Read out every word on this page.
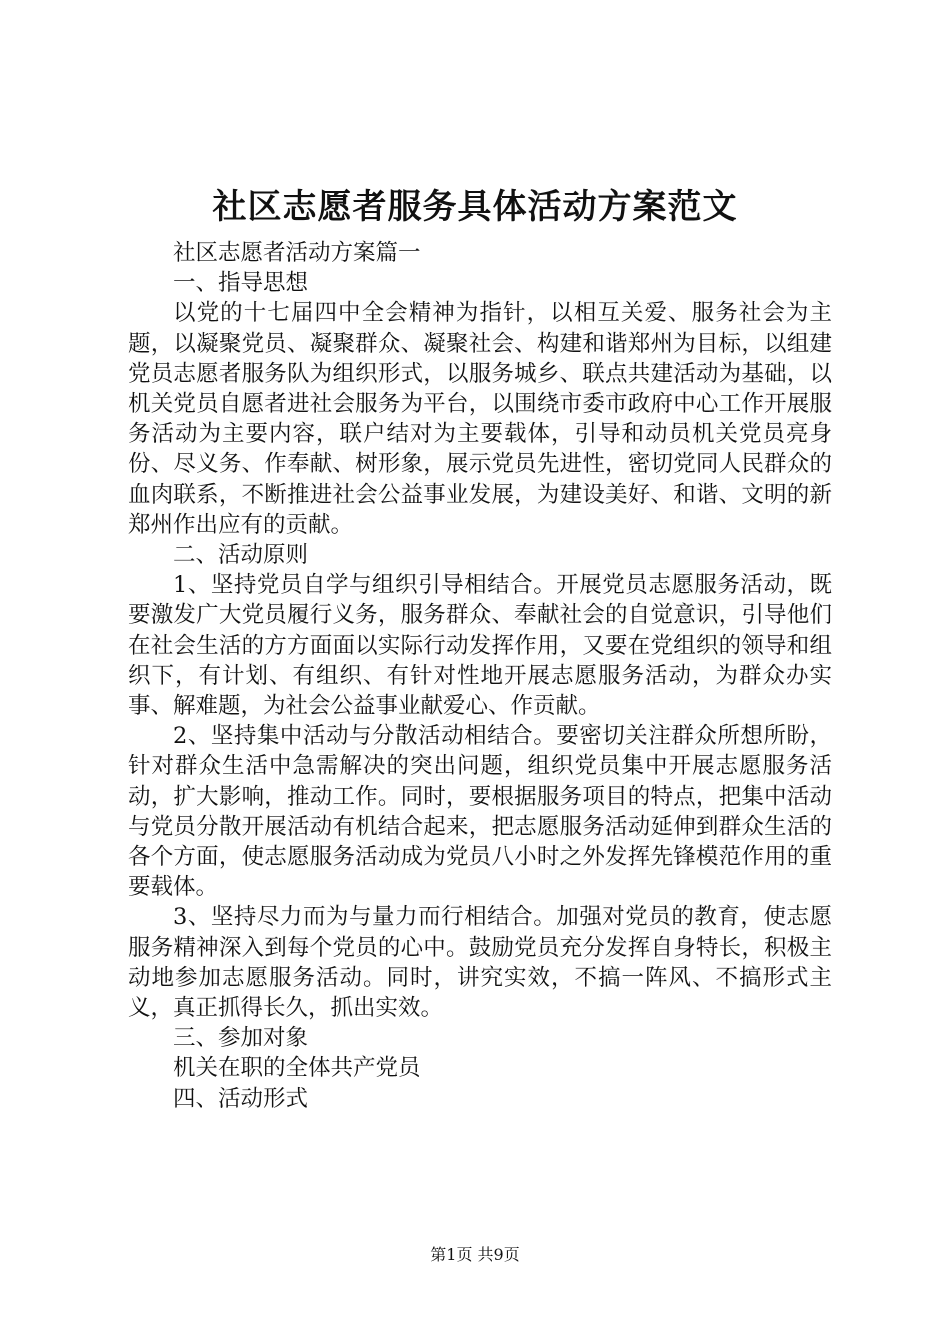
社区志愿者服务具体活动方案范文

社区志愿者活动方案篇一

一、指导思想

以党的十七届四中全会精神为指针，以相互关爱、服务社会为主题，以凝聚党员、凝聚群众、凝聚社会、构建和谐郑州为目标，以组建党员志愿者服务队为组织形式，以服务城乡、联点共建活动为基础，以机关党员自愿者进社会服务为平台，以围绕市委市政府中心工作开展服务活动为主要内容，联户结对为主要载体，引导和动员机关党员亮身份、尽义务、作奉献、树形象，展示党员先进性，密切党同人民群众的血肉联系，不断推进社会公益事业发展，为建设美好、和谐、文明的新郑州作出应有的贡献。

二、活动原则

1、坚持党员自学与组织引导相结合。开展党员志愿服务活动，既要激发广大党员履行义务，服务群众、奉献社会的自觉意识，引导他们在社会生活的方方面面以实际行动发挥作用，又要在党组织的领导和组织下，有计划、有组织、有针对性地开展志愿服务活动，为群众办实事、解难题，为社会公益事业献爱心、作贡献。

2、坚持集中活动与分散活动相结合。要密切关注群众所想所盼，针对群众生活中急需解决的突出问题，组织党员集中开展志愿服务活动，扩大影响，推动工作。同时，要根据服务项目的特点，把集中活动与党员分散开展活动有机结合起来，把志愿服务活动延伸到群众生活的各个方面，使志愿服务活动成为党员八小时之外发挥先锋模范作用的重要载体。

3、坚持尽力而为与量力而行相结合。加强对党员的教育，使志愿服务精神深入到每个党员的心中。鼓励党员充分发挥自身特长，积极主动地参加志愿服务活动。同时，讲究实效，不搞一阵风、不搞形式主义，真正抓得长久，抓出实效。

三、参加对象

机关在职的全体共产党员

四、活动形式

第1页 共9页
